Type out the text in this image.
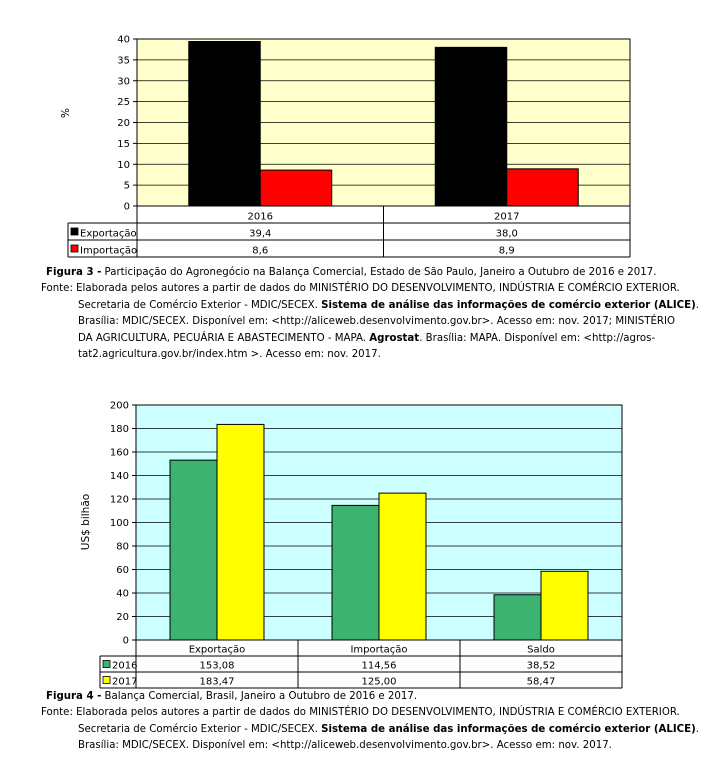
0
5
10
15
20
25
30
35
40
%
2016	2017
Exportação	39,4	38,0
Importação	8,6	8,9
0
20
40
60
80
100
120
140
160
180
200
US$ bilhão
Exportação	Importação	Saldo
2016	153,08	114,56	38,52
2017	183,47	125,00	58,47
Figura 3 - Participação do Agronegócio na Balança Comercial, Estado de São Paulo, Janeiro a Outubro de 2016 e 2017.
Fonte: Elaborada pelos autores a partir de dados do MINISTÉRIO DO DESENVOLVIMENTO, INDÚSTRIA E COMÉRCIO EXTERIOR.
Secretaria de Comércio Exterior - MDIC/SECEX. Sistema de análise das informações de comércio exterior (ALICE).
Brasília: MDIC/SECEX. Disponível em: <http://aliceweb.desenvolvimento.gov.br>. Acesso em: nov. 2017; MINISTÉRIO
DA AGRICULTURA, PECUÁRIA E ABASTECIMENTO - MAPA. Agrostat. Brasília: MAPA. Disponível em: <http://agros-
tat2.agricultura.gov.br/index.htm >. Acesso em: nov. 2017.
Figura 4 - Balança Comercial, Brasil, Janeiro a Outubro de 2016 e 2017.
Fonte: Elaborada pelos autores a partir de dados do MINISTÉRIO DO DESENVOLVIMENTO, INDÚSTRIA E COMÉRCIO EXTERIOR.
Secretaria de Comércio Exterior - MDIC/SECEX. Sistema de análise das informações de comércio exterior (ALICE).
Brasília: MDIC/SECEX. Disponível em: <http://aliceweb.desenvolvimento.gov.br>. Acesso em: nov. 2017.
